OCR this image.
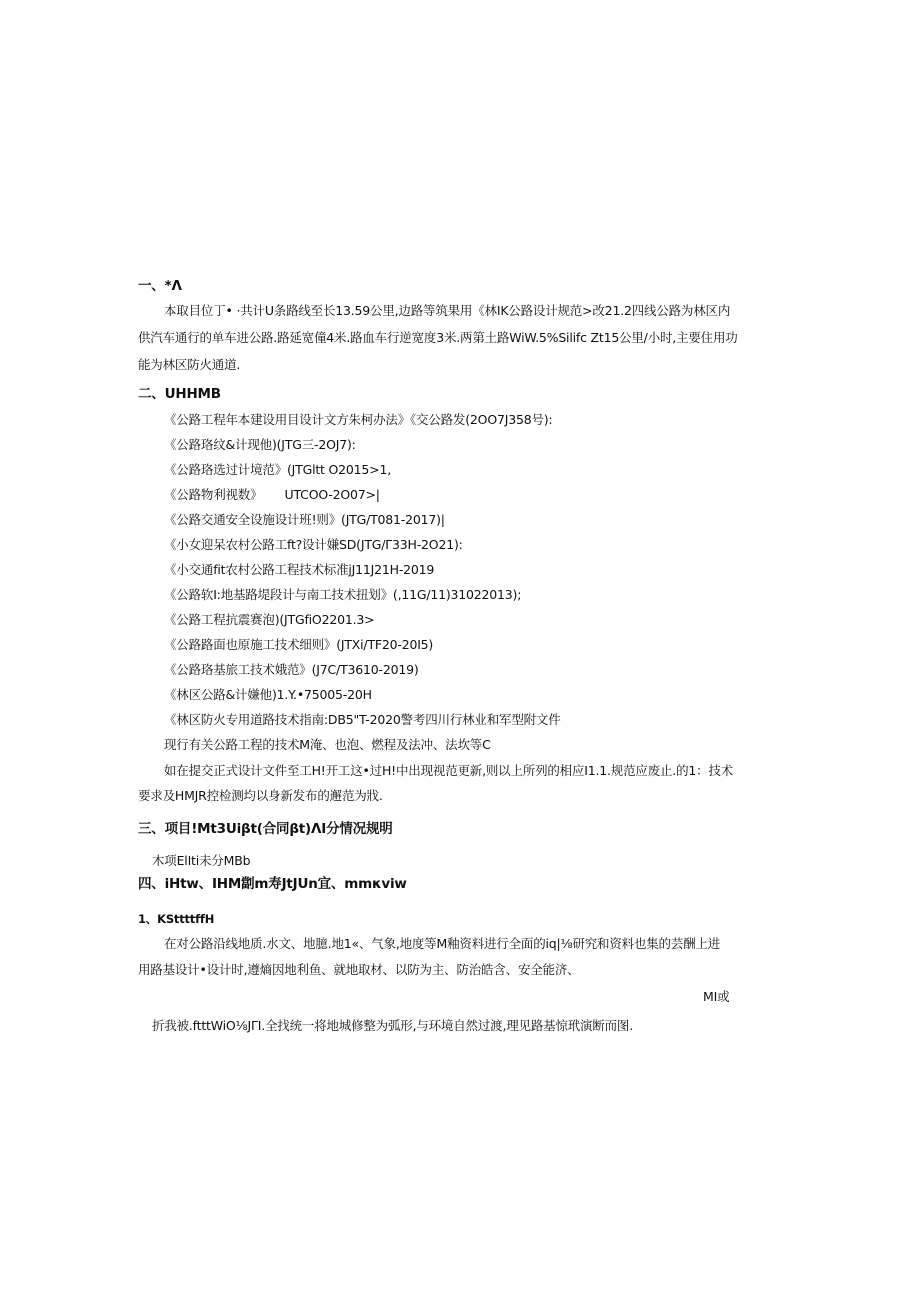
一、*Λ
本取目位丁• ·共计U条路线至长13.59公里,边路等筑果用《林IK公路设计规范>改21.2四线公路为林区内
供汽车通行的单车进公路.路延宽僮4米.路血车行逆宽度3米.两第土路WiW.5%Silifc Zt15公里/小时,主要住用功
能为林区防火通道.
二、UHHMB
《公路工程年本建设用目设计文方朱柯办法》《交公路发(2OO7J358号):
《公路珞纹&计现他)(JTG三-2OJ7):
《公路珞选过计境范》(JTGltt O2015>1,
《公路物利视数》　　 UTCOO-2O07>|
《公路交通安全设施设计班!则》(JTG/T081-2017)|
《小女迎呆农村公路工ft?设计嫌SD(JTG/Γ33H-2O21):
《小交通fit农村公路工程技术标准jJ11J21H-2019
《公路软I:地基路堤段计与南工技术扭划》(,11G/11)31022013);
《公路工程抗震赛泡)(JTGfiO2201.3>
《公路路面也原施工技术细则》(JTXi/TF20-20I5)
《公路珞基旅工技术娥范》(J7C/T3610-2019)
《林区公路&计嫌他)1.Y.•75005-20H
《林区防火专用道路技术指南:DB5"T-2020警考四川行林业和军型附文件
现行有关公路工程的技术M淹、也泡、燃程及法冲、法坎等C
如在提交正式设计文件至工H!开工这•过H!中出现视范更新,则以上所列的相应I1.1.规范应废止.的1：技术
要求及HMJR控检测均以身新发布的邂范为戕.
三、项目!Mt3Uiβt(合同βt)ΛI分情况规明
木项ElIti未分MBb
四、iHtw、IHM劏m寿JtJUn宜、mmκviw
1、KSttttffH
在对公路沿线地质.水文、地臆.地1«、气象,地度等M釉资料进行全面的iq|⅛研究和资料也集的芸酬上进
用路基设计•设计时,遵熵因地利鱼、就地取材、以防为主、防治皓含、安全能济、
MI或
折我被.ftttWiO⅛JΓI.全找统一将地城修整为弧形,与环境自然过渡,理见路基惊玳演断而图.
